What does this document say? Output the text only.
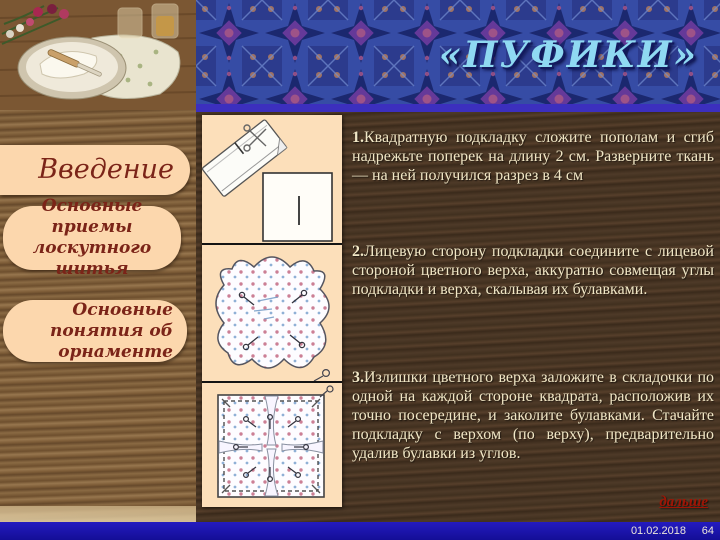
«ПУФИКИ»
Введение
Основные приемы лоскутного шитья
Основные понятия об орнаменте

1.Квадратную подкладку сложите пополам и сгиб надрежьте поперек на длину 2 см. Разверните ткань — на ней получился разрез в 4 см

2.Лицевую сторону подкладки соедините с лицевой стороной цветного верха, аккуратно совмещая углы подкладки и верха, скалывая их булавками.

3.Излишки цветного верха заложите в складочки по одной на каждой стороне квадрата, расположив их точно посередине, и заколите булавками. Стачайте подкладку с верхом (по верху), предварительно удалив булавки из углов.

дальше
01.02.2018 64
